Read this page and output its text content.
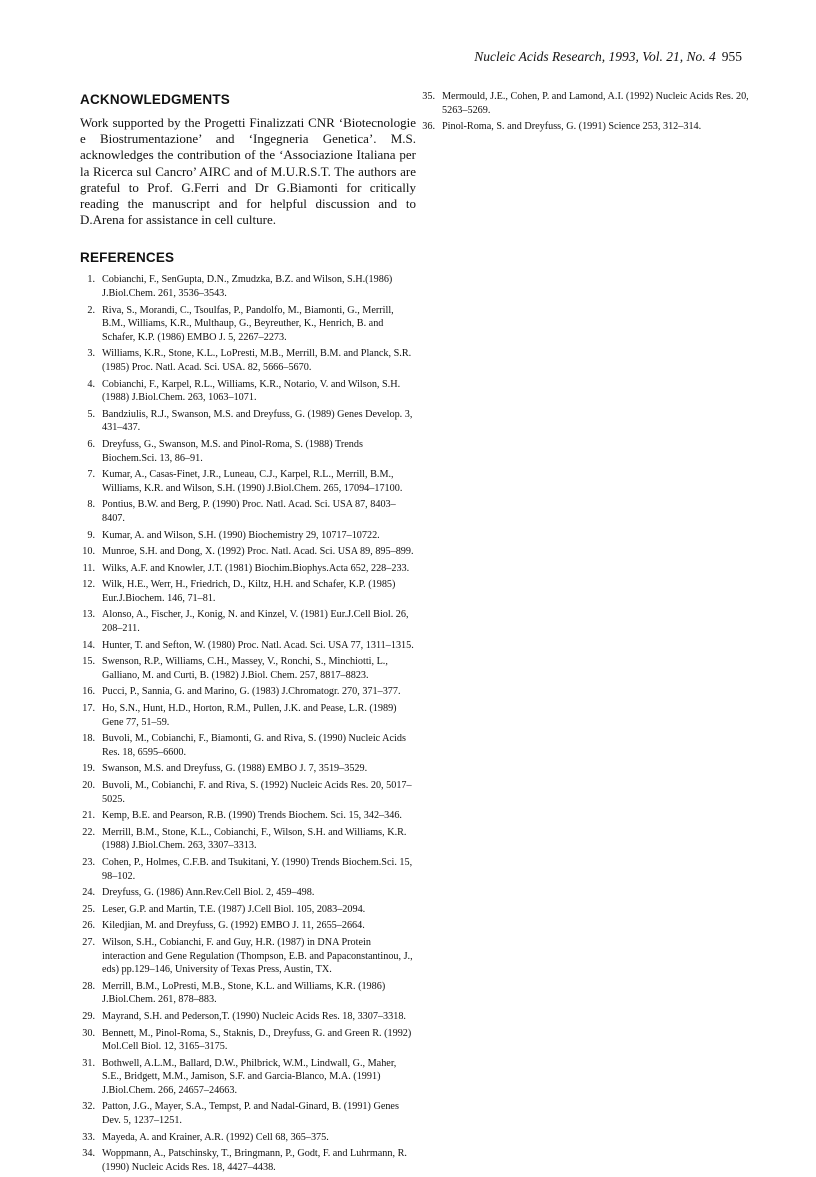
Nucleic Acids Research, 1993, Vol. 21, No. 4 955
ACKNOWLEDGMENTS

Work supported by the Progetti Finalizzati CNR ‘Biotecnologie e Biostrumentazione’ and ‘Ingegneria Genetica’. M.S. acknowledges the contribution of the ‘Associazione Italiana per la Ricerca sul Cancro’ AIRC and of M.U.R.S.T. The authors are grateful to Prof. G.Ferri and Dr G.Biamonti for critically reading the manuscript and for helpful discussion and to D.Arena for assistance in cell culture.

REFERENCES
1. Cobianchi, F., SenGupta, D.N., Zmudzka, B.Z. and Wilson, S.H.(1986) J.Biol.Chem. 261, 3536–3543.
2. Riva, S., Morandi, C., Tsoulfas, P., Pandolfo, M., Biamonti, G., Merrill, B.M., Williams, K.R., Multhaup, G., Beyreuther, K., Henrich, B. and Schafer, K.P. (1986) EMBO J. 5, 2267–2273.
3. Williams, K.R., Stone, K.L., LoPresti, M.B., Merrill, B.M. and Planck, S.R. (1985) Proc. Natl. Acad. Sci. USA. 82, 5666–5670.
4. Cobianchi, F., Karpel, R.L., Williams, K.R., Notario, V. and Wilson, S.H. (1988) J.Biol.Chem. 263, 1063–1071.
5. Bandziulis, R.J., Swanson, M.S. and Dreyfuss, G. (1989) Genes Develop. 3, 431–437.
6. Dreyfuss, G., Swanson, M.S. and Pinol-Roma, S. (1988) Trends Biochem.Sci. 13, 86–91.
7. Kumar, A., Casas-Finet, J.R., Luneau, C.J., Karpel, R.L., Merrill, B.M., Williams, K.R. and Wilson, S.H. (1990) J.Biol.Chem. 265, 17094–17100.
8. Pontius, B.W. and Berg, P. (1990) Proc. Natl. Acad. Sci. USA 87, 8403–8407.
9. Kumar, A. and Wilson, S.H. (1990) Biochemistry 29, 10717–10722.
10. Munroe, S.H. and Dong, X. (1992) Proc. Natl. Acad. Sci. USA 89, 895–899.
11. Wilks, A.F. and Knowler, J.T. (1981) Biochim.Biophys.Acta 652, 228–233.
12. Wilk, H.E., Werr, H., Friedrich, D., Kiltz, H.H. and Schafer, K.P. (1985) Eur.J.Biochem. 146, 71–81.
13. Alonso, A., Fischer, J., Konig, N. and Kinzel, V. (1981) Eur.J.Cell Biol. 26, 208–211.
14. Hunter, T. and Sefton, W. (1980) Proc. Natl. Acad. Sci. USA 77, 1311–1315.
15. Swenson, R.P., Williams, C.H., Massey, V., Ronchi, S., Minchiotti, L., Galliano, M. and Curti, B. (1982) J.Biol. Chem. 257, 8817–8823.
16. Pucci, P., Sannia, G. and Marino, G. (1983) J.Chromatogr. 270, 371–377.
17. Ho, S.N., Hunt, H.D., Horton, R.M., Pullen, J.K. and Pease, L.R. (1989) Gene 77, 51–59.
18. Buvoli, M., Cobianchi, F., Biamonti, G. and Riva, S. (1990) Nucleic Acids Res. 18, 6595–6600.
19. Swanson, M.S. and Dreyfuss, G. (1988) EMBO J. 7, 3519–3529.
20. Buvoli, M., Cobianchi, F. and Riva, S. (1992) Nucleic Acids Res. 20, 5017–5025.
21. Kemp, B.E. and Pearson, R.B. (1990) Trends Biochem. Sci. 15, 342–346.
22. Merrill, B.M., Stone, K.L., Cobianchi, F., Wilson, S.H. and Williams, K.R. (1988) J.Biol.Chem. 263, 3307–3313.
23. Cohen, P., Holmes, C.F.B. and Tsukitani, Y. (1990) Trends Biochem.Sci. 15, 98–102.
24. Dreyfuss, G. (1986) Ann.Rev.Cell Biol. 2, 459–498.
25. Leser, G.P. and Martin, T.E. (1987) J.Cell Biol. 105, 2083–2094.
26. Kiledjian, M. and Dreyfuss, G. (1992) EMBO J. 11, 2655–2664.
27. Wilson, S.H., Cobianchi, F. and Guy, H.R. (1987) in DNA Protein interaction and Gene Regulation (Thompson, E.B. and Papaconstantinou, J., eds) pp.129–146, University of Texas Press, Austin, TX.
28. Merrill, B.M., LoPresti, M.B., Stone, K.L. and Williams, K.R. (1986) J.Biol.Chem. 261, 878–883.
29. Mayrand, S.H. and Pederson,T. (1990) Nucleic Acids Res. 18, 3307–3318.
30. Bennett, M., Pinol-Roma, S., Staknis, D., Dreyfuss, G. and Green R. (1992) Mol.Cell Biol. 12, 3165–3175.
31. Bothwell, A.L.M., Ballard, D.W., Philbrick, W.M., Lindwall, G., Maher, S.E., Bridgett, M.M., Jamison, S.F. and Garcia-Blanco, M.A. (1991) J.Biol.Chem. 266, 24657–24663.
32. Patton, J.G., Mayer, S.A., Tempst, P. and Nadal-Ginard, B. (1991) Genes Dev. 5, 1237–1251.
33. Mayeda, A. and Krainer, A.R. (1992) Cell 68, 365–375.
34. Woppmann, A., Patschinsky, T., Bringmann, P., Godt, F. and Luhrmann, R. (1990) Nucleic Acids Res. 18, 4427–4438.
35. Mermould, J.E., Cohen, P. and Lamond, A.I. (1992) Nucleic Acids Res. 20, 5263–5269.
36. Pinol-Roma, S. and Dreyfuss, G. (1991) Science 253, 312–314.
